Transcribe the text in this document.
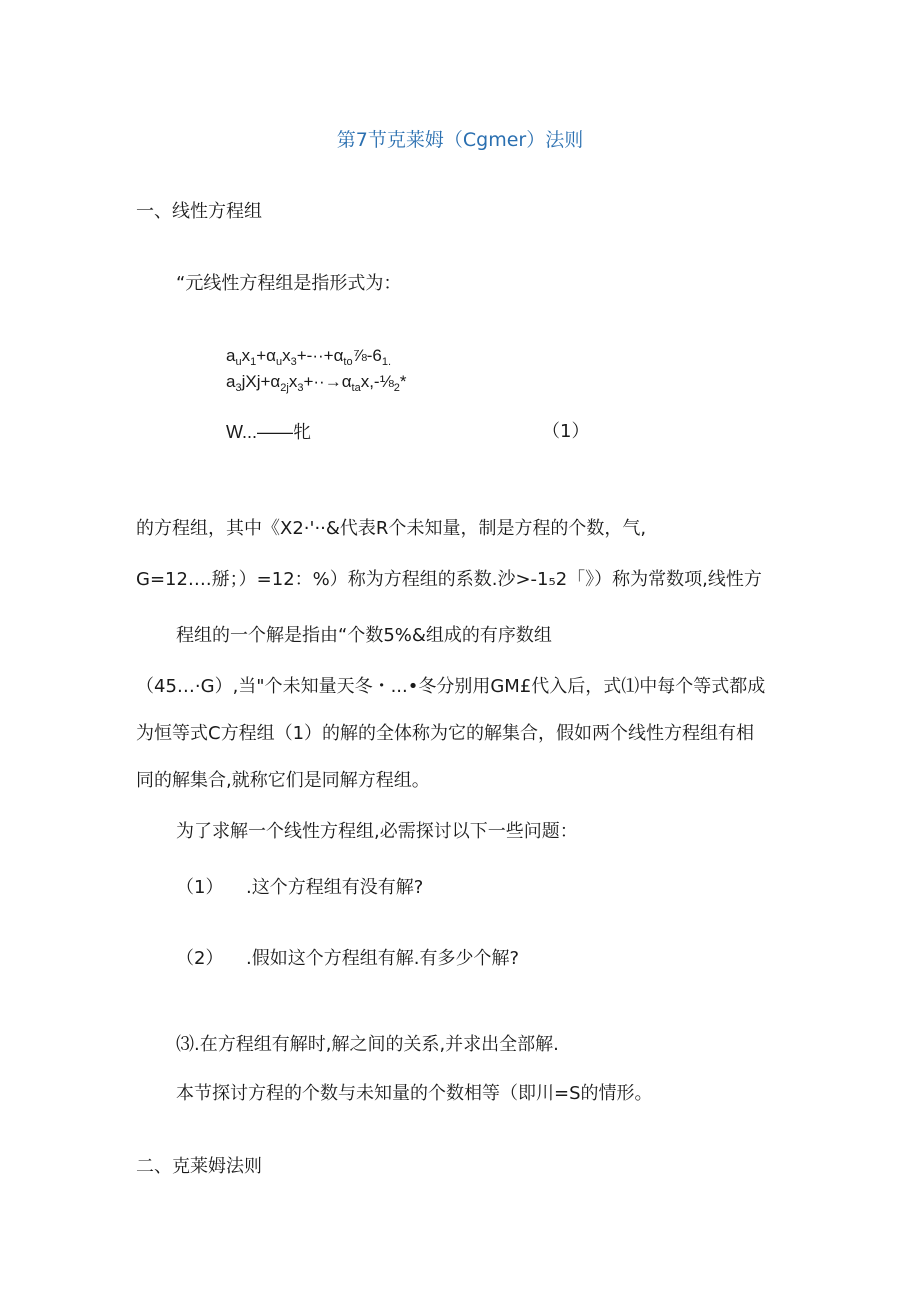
第7节克莱姆（Cgmer）法则
一、线性方程组
“元线性方程组是指形式为：
$a_ux_1+\alpha_ux_3+-\cdot\cdot+\alpha_{to}\frac{7}{8}-6_{1.}$
$a_3jXj+\alpha_{2j}x_3+\cdot\cdot\to\alpha_{ta}x,-\frac{1}{8}_2*$
W...——牝	（1）
的方程组，其中《X2·'··&代表R个未知量，制是方程的个数，气,
G=12….掰；）=12：%）称为方程组的系数.沙>-1₅2「》）称为常数项,线性方
程组的一个解是指由“个数5%&组成的有序数组
（45…·G）,当"个未知量天冬・...•冬分别用GM£代入后，式⑴中每个等式都成
为恒等式C方程组（1）的解的全体称为它的解集合，假如两个线性方程组有相
同的解集合,就称它们是同解方程组。
为了求解一个线性方程组,必需探讨以下一些问题：
（1） .这个方程组有没有解?
（2） .假如这个方程组有解.有多少个解?
⑶.在方程组有解时,解之间的关系,并求出全部解.
本节探讨方程的个数与未知量的个数相等（即川=S的情形。
二、克莱姆法则
